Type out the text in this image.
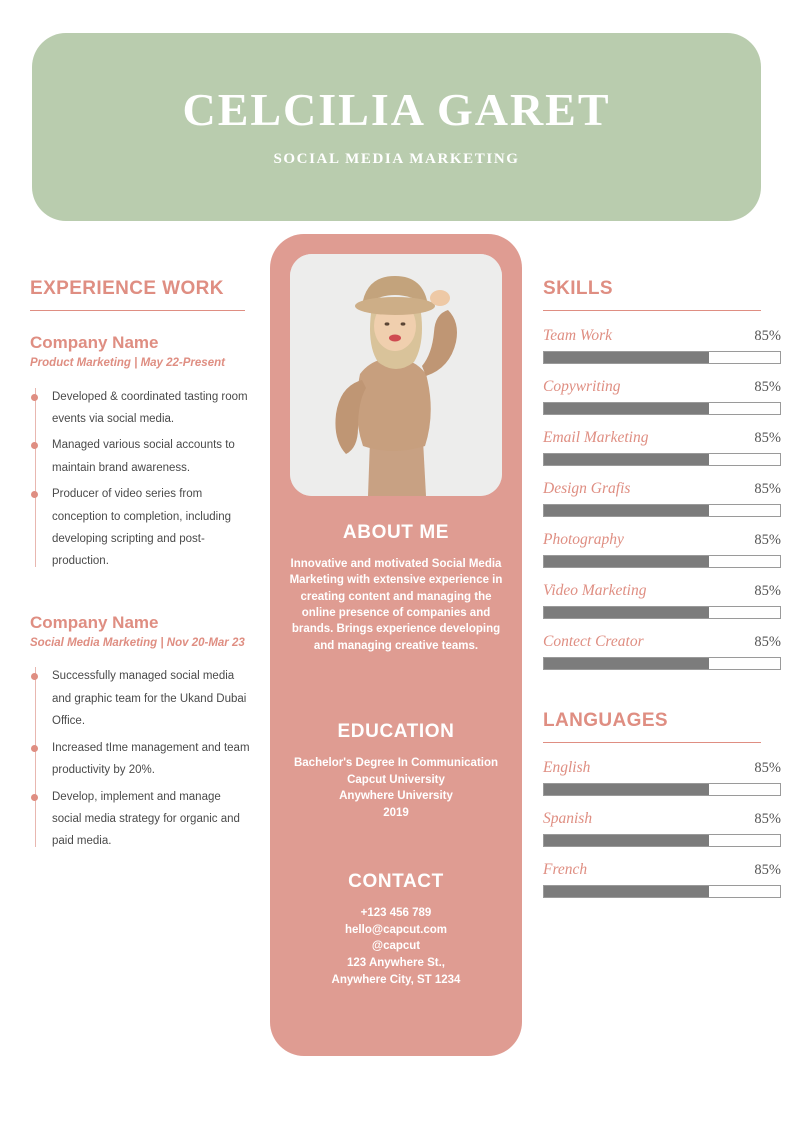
CELCILIA GARET
SOCIAL MEDIA MARKETING
EXPERIENCE WORK
Company Name
Product Marketing | May 22-Present
Developed & coordinated tasting room events via social media.
Managed various social accounts to maintain brand awareness.
Producer of video series from conception to completion, including developing scripting and post-production.
Company Name
Social Media Marketing | Nov 20-Mar 23
Successfully managed social media and graphic team for the Ukand Dubai Office.
Increased tIme management and team productivity by 20%.
Develop, implement and manage social media strategy for organic and paid media.
ABOUT ME

Innovative and motivated Social Media Marketing with extensive experience in creating content and managing the online presence of companies and brands. Brings experience developing and managing creative teams.

EDUCATION
Bachelor's Degree In Communication
Capcut University
Anywhere University
2019
CONTACT
+123 456 789
hello@capcut.com
@capcut
123 Anywhere St.,
Anywhere City, ST 1234
SKILLS
Team Work	85%
Copywriting	85%
Email Marketing	85%
Design Grafis	85%
Photography	85%
Video Marketing	85%
Contect Creator	85%
LANGUAGES
English	85%
Spanish	85%
French	85%
